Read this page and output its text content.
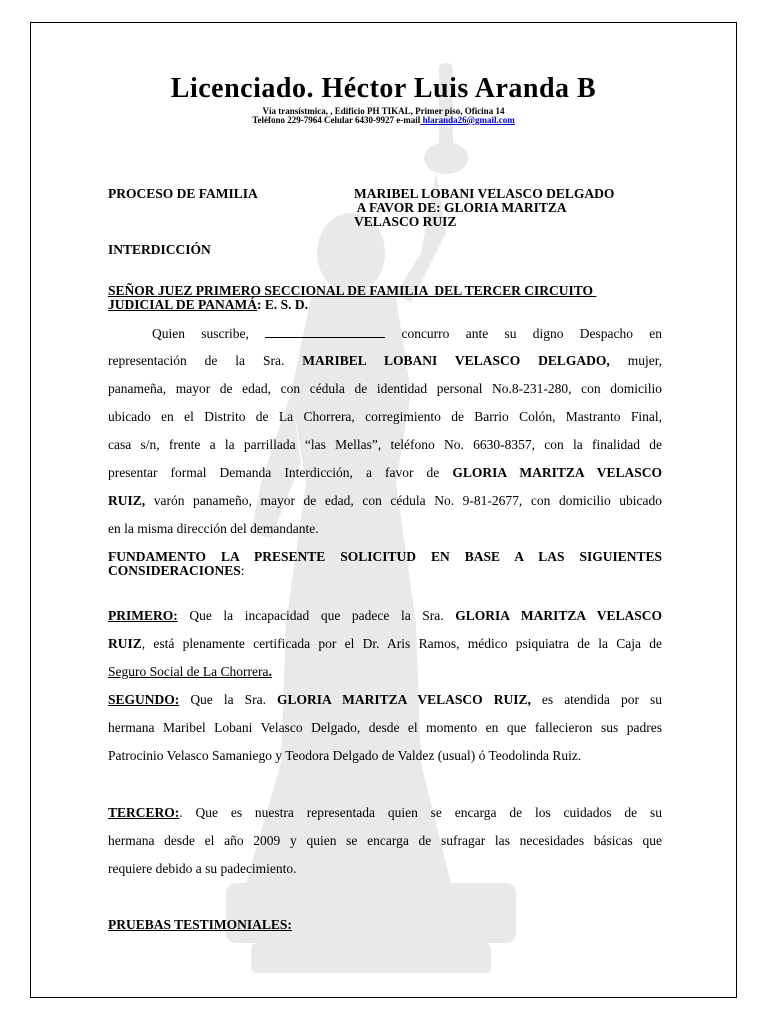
Licenciado. Héctor Luis Aranda B
Vía transístmica, , Edificio PH TIKAL, Primer piso, Oficina 14
Teléfono 229-7964 Celular 6430-9927 e-mail hlaranda26@gmail.com
PROCESO DE FAMILIA	MARIBEL LOBANI VELASCO DELGADO
A FAVOR DE: GLORIA MARITZA
VELASCO RUIZ
INTERDICCIÓN
SEÑOR JUEZ PRIMERO SECCIONAL DE FAMILIA  DEL TERCER CIRCUITO
JUDICIAL DE PANAMÁ: E. S. D.
Quien suscribe,	concurro ante su digno Despacho en
representación de la Sra. MARIBEL LOBANI VELASCO DELGADO, mujer,
panameña, mayor de edad, con cédula de identidad personal No.8-231-280, con domicilio
ubicado en el Distrito de La Chorrera, corregimiento de Barrio Colón, Mastranto Final,
casa s/n, frente a la parrillada “las Mellas”, teléfono No. 6630-8357, con la finalidad de
presentar formal Demanda Interdicción, a favor de GLORIA MARITZA VELASCO
RUIZ, varón panameño, mayor de edad, con cédula No. 9-81-2677, con domicilio ubicado
en la misma dirección del demandante.
FUNDAMENTO LA PRESENTE SOLICITUD EN BASE A LAS SIGUIENTES
CONSIDERACIONES:
PRIMERO: Que la incapacidad que padece la Sra. GLORIA MARITZA VELASCO
RUIZ, está plenamente certificada por el Dr. Aris Ramos, médico psiquiatra de la Caja de
Seguro Social de La Chorrera.
SEGUNDO: Que la Sra. GLORIA MARITZA VELASCO RUIZ, es atendida por su
hermana Maribel Lobani Velasco Delgado, desde el momento en que fallecieron sus padres
Patrocinio Velasco Samaniego y Teodora Delgado de Valdez (usual) ó Teodolinda Ruiz.
TERCERO:. Que es nuestra representada quien se encarga de los cuidados de su
hermana desde el año 2009 y quien se encarga de sufragar las necesidades básicas que
requiere debido a su padecimiento.
PRUEBAS TESTIMONIALES:
